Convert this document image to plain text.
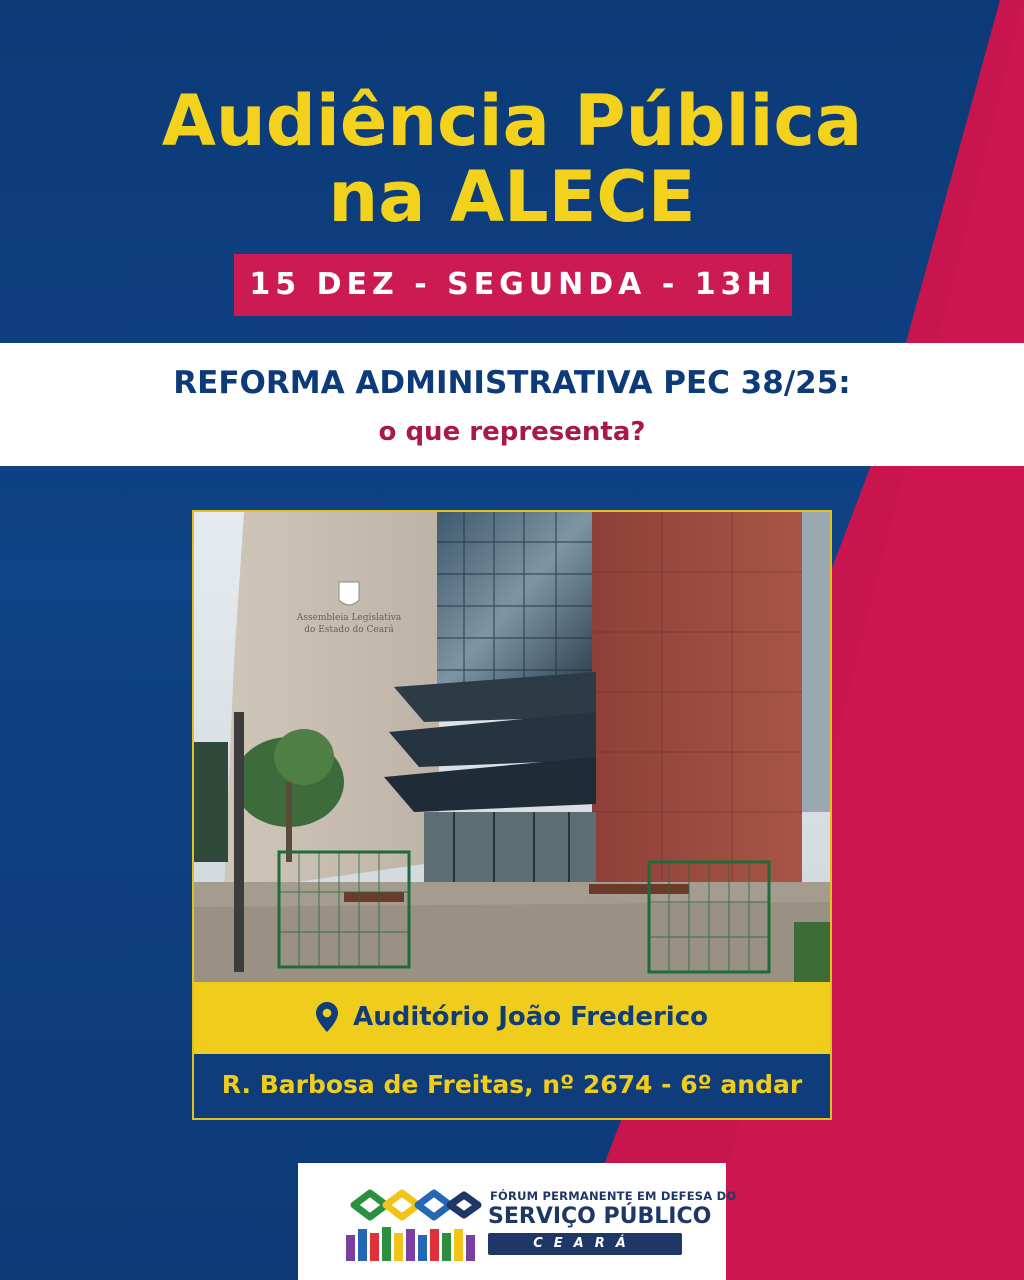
Audiência Pública
na ALECE
15 DEZ - SEGUNDA - 13H
REFORMA ADMINISTRATIVA PEC 38/25:
o que representa?
Assembleia Legislativa
do Estado do Ceará
Auditório João Frederico
R. Barbosa de Freitas, nº 2674 - 6º andar
FÓRUM PERMANENTE EM DEFESA DO
SERVIÇO PÚBLICO
CEARÁ
